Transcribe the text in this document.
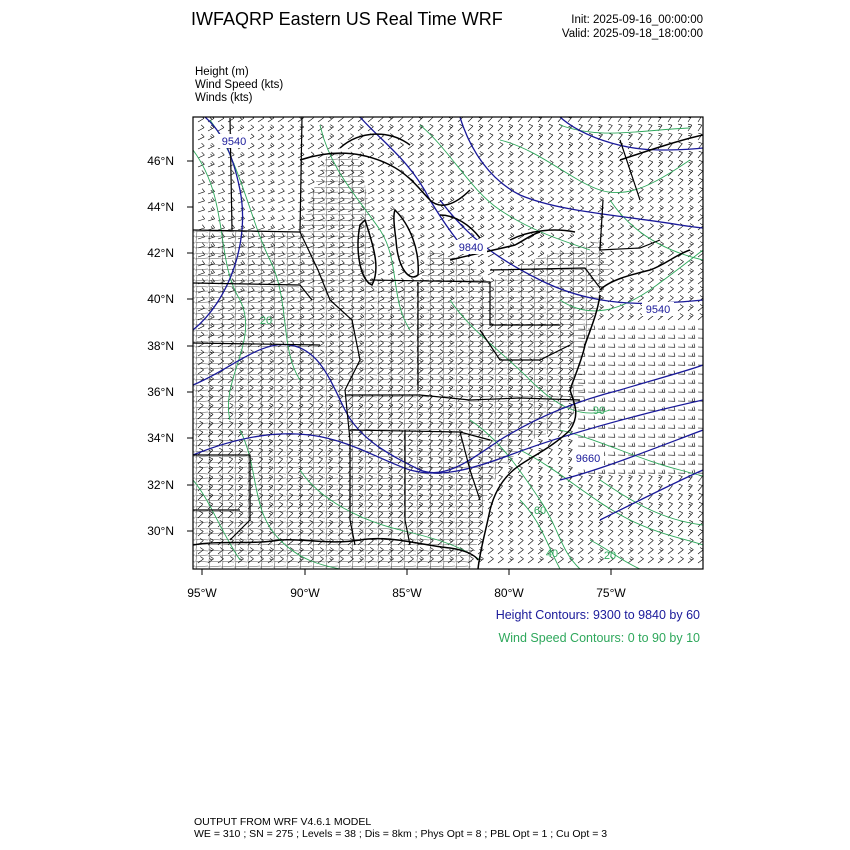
IWFAQRP Eastern US Real Time WRF	Init: 2025-09-16_00:00:00
Valid: 2025-09-18_18:00:00
Height (m)
Wind Speed (kts)
Winds (kts)
46°N
44°N
42°N
40°N
38°N
36°N
34°N
32°N
30°N
95°W	90°W	85°W	80°W	75°W
9540
9840
9540
9660
90
60
40	20
20
Height Contours: 9300 to 9840 by 60
Wind Speed Contours: 0 to 90 by 10
OUTPUT FROM WRF V4.6.1 MODEL
WE = 310 ; SN = 275 ; Levels = 38 ; Dis = 8km ; Phys Opt = 8 ; PBL Opt = 1 ; Cu Opt = 3
